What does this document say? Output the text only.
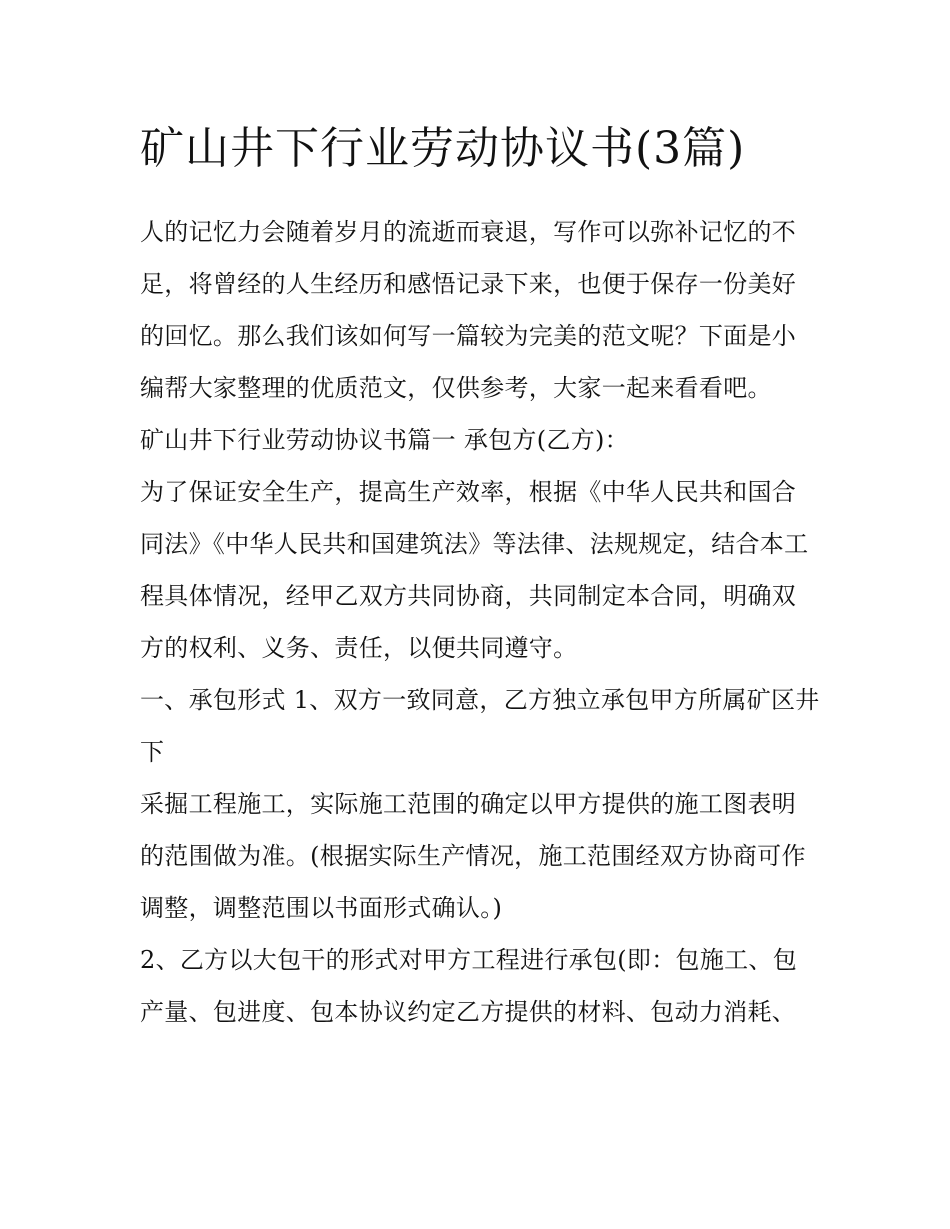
矿山井下行业劳动协议书(3篇)

人的记忆力会随着岁月的流逝而衰退，写作可以弥补记忆的不足，将曾经的人生经历和感悟记录下来，也便于保存一份美好的回忆。那么我们该如何写一篇较为完美的范文呢？下面是小编帮大家整理的优质范文，仅供参考，大家一起来看看吧。

矿山井下行业劳动协议书篇一 承包方(乙方)：

为了保证安全生产，提高生产效率，根据《中华人民共和国合同法》《中华人民共和国建筑法》等法律、法规规定，结合本工程具体情况，经甲乙双方共同协商，共同制定本合同，明确双方的权利、义务、责任，以便共同遵守。

一、承包形式 1、双方一致同意，乙方独立承包甲方所属矿区井下

采掘工程施工，实际施工范围的确定以甲方提供的施工图表明的范围做为准。(根据实际生产情况，施工范围经双方协商可作调整，调整范围以书面形式确认。)

2、乙方以大包干的形式对甲方工程进行承包(即：包施工、包产量、包进度、包本协议约定乙方提供的材料、包动力消耗、
